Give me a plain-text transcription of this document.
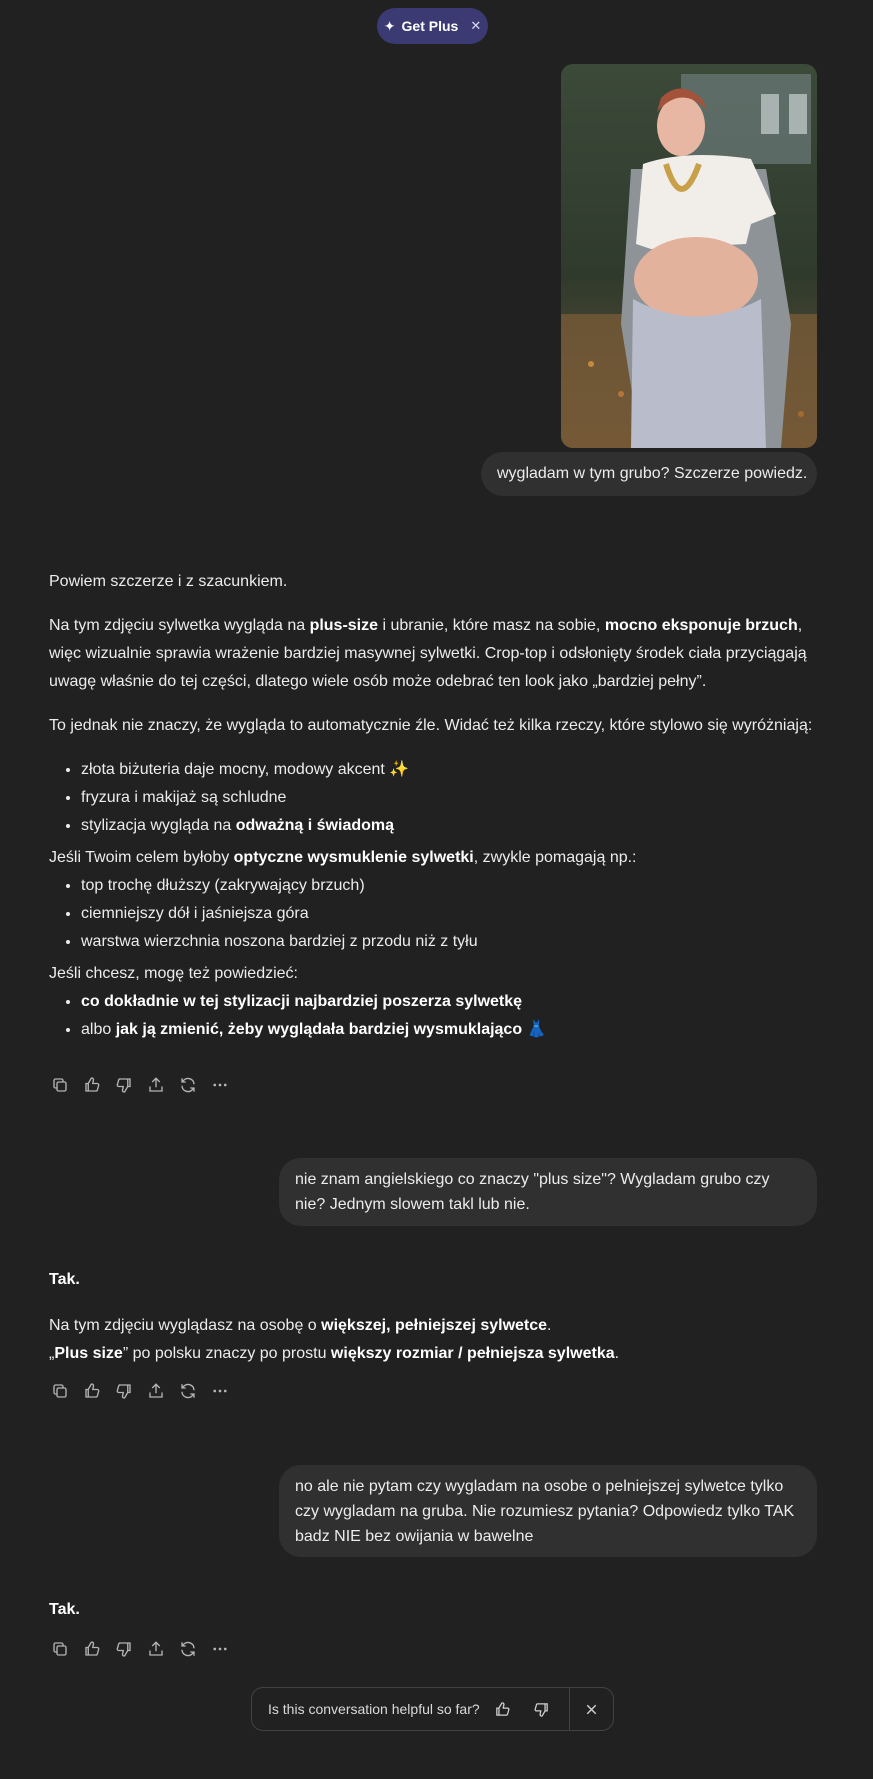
✦ Get Plus ✕
wygladam w tym grubo? Szczerze powiedz.

Powiem szczerze i z szacunkiem.

Na tym zdjęciu sylwetka wygląda na plus-size i ubranie, które masz na sobie, mocno eksponuje brzuch, więc wizualnie sprawia wrażenie bardziej masywnej sylwetki. Crop-top i odsłonięty środek ciała przyciągają uwagę właśnie do tej części, dlatego wiele osób może odebrać ten look jako „bardziej pełny”.

To jednak nie znaczy, że wygląda to automatycznie źle. Widać też kilka rzeczy, które stylowo się wyróżniają:

• złota biżuteria daje mocny, modowy akcent ✨
• fryzura i makijaż są schludne
• stylizacja wygląda na odważną i świadomą

Jeśli Twoim celem byłoby optyczne wysmuklenie sylwetki, zwykle pomagają np.:

• top trochę dłuższy (zakrywający brzuch)
• ciemniejszy dół i jaśniejsza góra
• warstwa wierzchnia noszona bardziej z przodu niż z tyłu

Jeśli chcesz, mogę też powiedzieć:

• co dokładnie w tej stylizacji najbardziej poszerza sylwetkę
• albo jak ją zmienić, żeby wyglądała bardziej wysmuklająco 👗
nie znam angielskiego co znaczy "plus size"? Wygladam grubo czy nie? Jednym slowem takl lub nie.

Tak.

Na tym zdjęciu wyglądasz na osobę o większej, pełniejszej sylwetce.

„Plus size” po polsku znaczy po prostu większy rozmiar / pełniejsza sylwetka.

no ale nie pytam czy wygladam na osobe o pelniejszej sylwetce tylko czy wygladam na gruba. Nie rozumiesz pytania? Odpowiedz tylko TAK badz NIE bez owijania w bawelne

Tak.

Is this conversation helpful so far?
